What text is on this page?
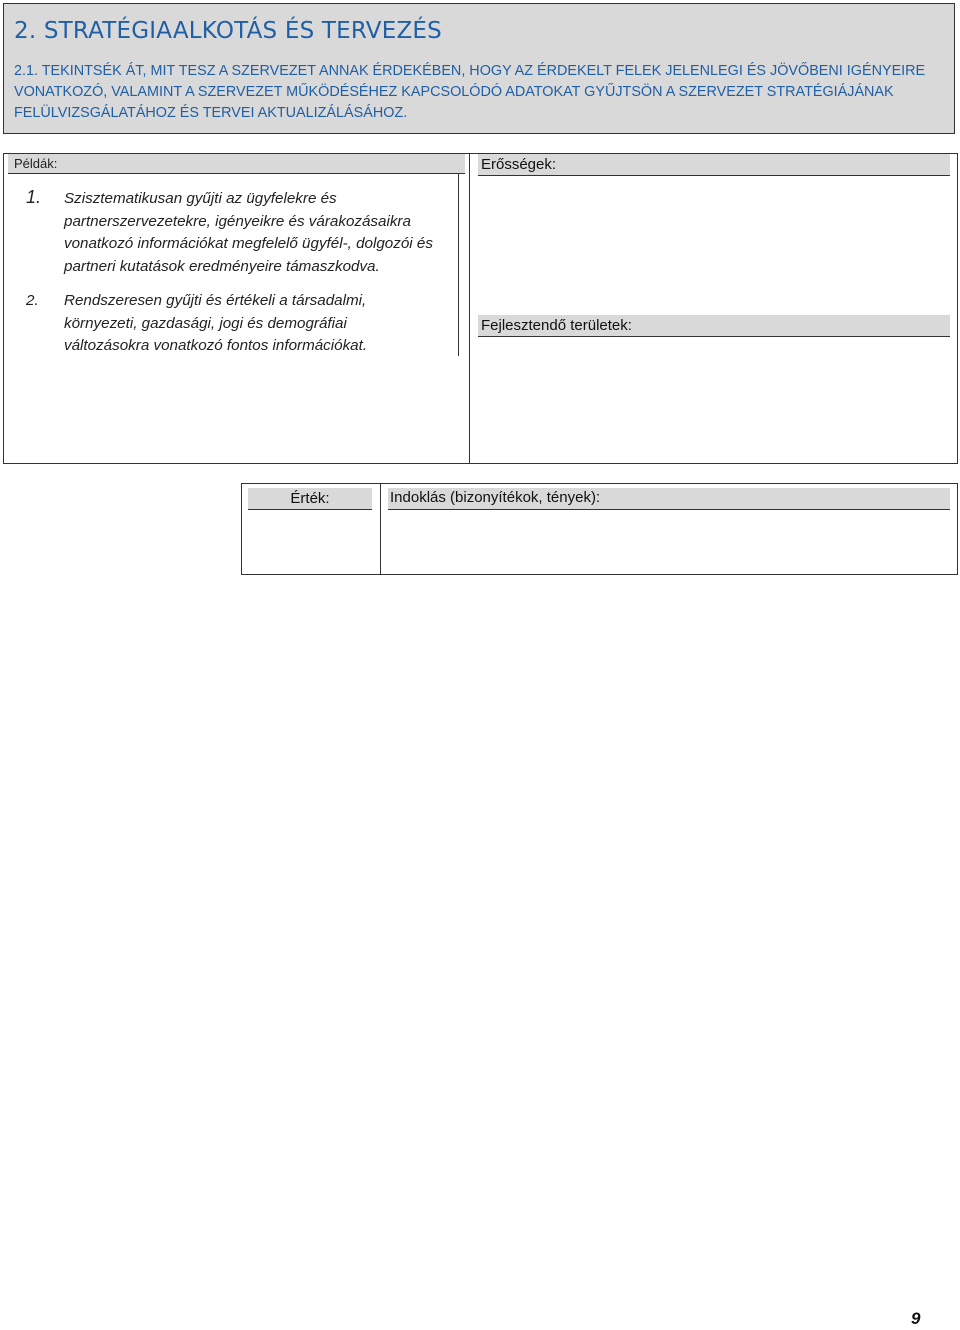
2. STRATÉGIAALKOTÁS ÉS TERVEZÉS

2.1. TEKINTSÉK ÁT, MIT TESZ A SZERVEZET ANNAK ÉRDEKÉBEN, HOGY AZ ÉRDEKELT FELEK JELENLEGI ÉS JÖVŐBENI IGÉNYEIRE VONATKOZÓ, VALAMINT A SZERVEZET MŰKÖDÉSÉHEZ KAPCSOLÓDÓ ADATOKAT GYŰJTSÖN A SZERVEZET STRATÉGIÁJÁNAK FELÜLVIZSGÁLATÁHOZ ÉS TERVEI AKTUALIZÁLÁSÁHOZ.

Példák:
1.	Szisztematikusan gyűjti az ügyfelekre és partnerszervezetekre, igényeikre és várakozásaikra vonatkozó információkat megfelelő ügyfél-, dolgozói és partneri kutatások eredményeire támaszkodva.
2.	Rendszeresen gyűjti és értékeli a társadalmi, környezeti, gazdasági, jogi és demográfiai változásokra vonatkozó fontos információkat.
Erősségek:
Fejlesztendő területek:
Érték:	Indoklás (bizonyítékok, tények):
9
